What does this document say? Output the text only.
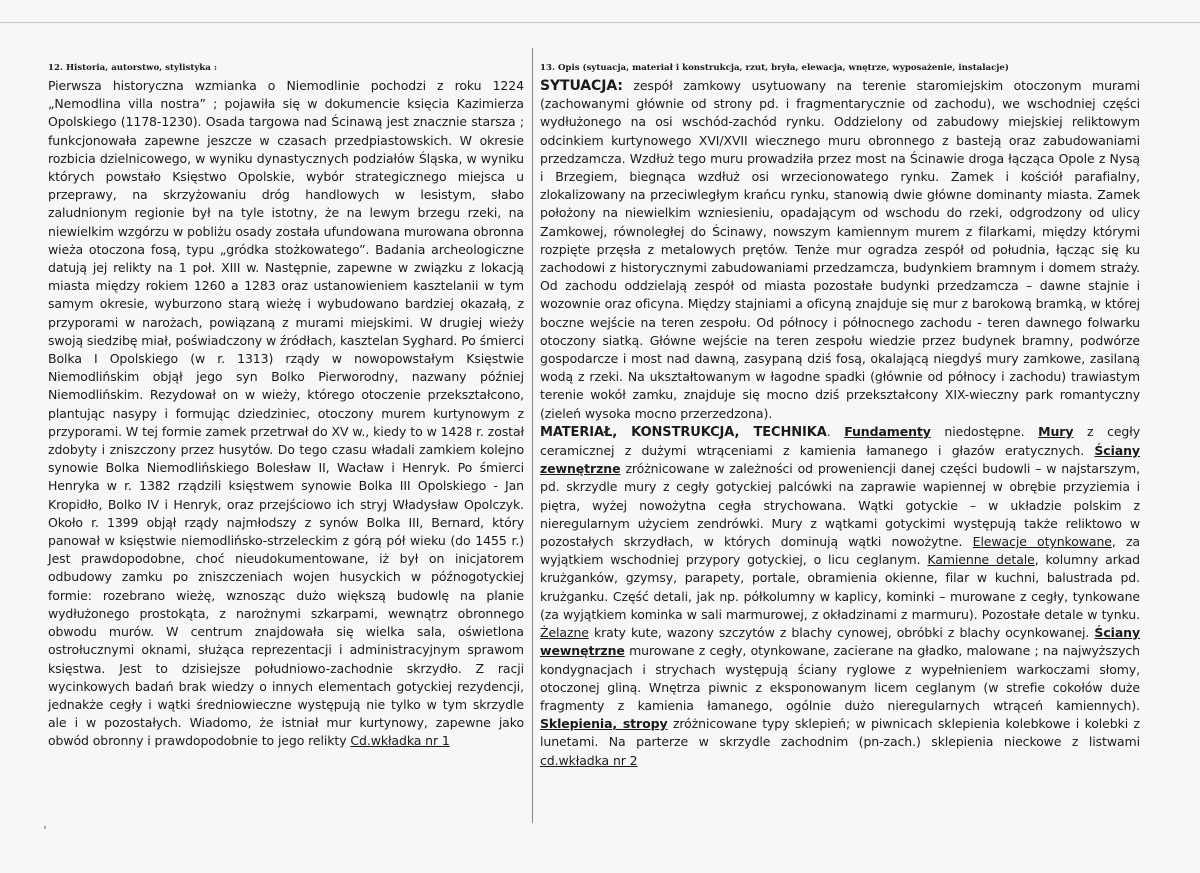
12. Historia, autorstwo, stylistyka :

Pierwsza historyczna wzmianka o Niemodlinie pochodzi z roku 1224 „Nemodlina villa nostra” ; pojawiła się w dokumencie księcia Kazimierza Opolskiego (1178-1230). Osada targowa nad Ścinawą jest znacznie starsza ; funkcjonowała zapewne jeszcze w czasach przedpiastowskich. W okresie rozbicia dzielnicowego, w wyniku dynastycznych podziałów Śląska, w wyniku których powstało Księstwo Opolskie, wybór strategicznego miejsca u przeprawy, na skrzyżowaniu dróg handlowych w lesistym, słabo zaludnionym regionie był na tyle istotny, że na lewym brzegu rzeki, na niewielkim wzgórzu w pobliżu osady została ufundowana murowana obronna wieża otoczona fosą, typu „gródka stożkowatego”. Badania archeologiczne datują jej relikty na 1 poł. XIII w. Następnie, zapewne w związku z lokacją miasta między rokiem 1260 a 1283 oraz ustanowieniem kasztelanii w tym samym okresie, wyburzono starą wieżę i wybudowano bardziej okazałą, z przyporami w narożach, powiązaną z murami miejskimi. W drugiej wieży swoją siedzibę miał, poświadczony w źródłach, kasztelan Syghard. Po śmierci Bolka I Opolskiego (w r. 1313) rządy w nowopowstałym Księstwie Niemodlińskim objął jego syn Bolko Pierworodny, nazwany później Niemodlińskim. Rezydował on w wieży, którego otoczenie przekształcono, plantując nasypy i formując dziedziniec, otoczony murem kurtynowym z przyporami. W tej formie zamek przetrwał do XV w., kiedy to w 1428 r. został zdobyty i zniszczony przez husytów. Do tego czasu władali zamkiem kolejno synowie Bolka Niemodlińskiego Bolesław II, Wacław i Henryk. Po śmierci Henryka w r. 1382 rządzili księstwem synowie Bolka III Opolskiego - Jan Kropidło, Bolko IV i Henryk, oraz przejściowo ich stryj Władysław Opolczyk. Około r. 1399 objął rządy najmłodszy z synów Bolka III, Bernard, który panował w księstwie niemodlińsko-strzeleckim z górą pół wieku (do 1455 r.) Jest prawdopodobne, choć nieudokumentowane, iż był on inicjatorem odbudowy zamku po zniszczeniach wojen husyckich w późnogotyckiej formie: rozebrano wieżę, wznosząc dużo większą budowlę na planie wydłużonego prostokąta, z narożnymi szkarpami, wewnątrz obronnego obwodu murów. W centrum znajdowała się wielka sala, oświetlona ostrołucznymi oknami, służąca reprezentacji i administracyjnym sprawom księstwa. Jest to dzisiejsze południowo-zachodnie skrzydło. Z racji wycinkowych badań brak wiedzy o innych elementach gotyckiej rezydencji, jednakże cegły i wątki średniowieczne występują nie tylko w tym skrzydle ale i w pozostałych. Wiadomo, że istniał mur kurtynowy, zapewne jako obwód obronny i prawdopodobnie to jego relikty Cd.wkładka nr 1

13. Opis (sytuacja, materiał i konstrukcja, rzut, bryła, elewacja, wnętrze, wyposażenie, instalacje)

SYTUACJA: zespół zamkowy usytuowany na terenie staromiejskim otoczonym murami (zachowanymi głównie od strony pd. i fragmentarycznie od zachodu), we wschodniej części wydłużonego na osi wschód-zachód rynku. Oddzielony od zabudowy miejskiej reliktowym odcinkiem kurtynowego XVI/XVII wiecznego muru obronnego z basteją oraz zabudowaniami przedzamcza. Wzdłuż tego muru prowadziła przez most na Ścinawie droga łącząca Opole z Nysą i Brzegiem, biegnąca wzdłuż osi wrzecionowatego rynku. Zamek i kościół parafialny, zlokalizowany na przeciwległym krańcu rynku, stanowią dwie główne dominanty miasta. Zamek położony na niewielkim wzniesieniu, opadającym od wschodu do rzeki, odgrodzony od ulicy Zamkowej, równoległej do Ścinawy, nowszym kamiennym murem z filarkami, między którymi rozpięte przęsła z metalowych prętów. Tenże mur ogradza zespół od południa, łącząc się ku zachodowi z historycznymi zabudowaniami przedzamcza, budynkiem bramnym i domem straży. Od zachodu oddzielają zespół od miasta pozostałe budynki przedzamcza – dawne stajnie i wozownie oraz oficyna. Między stajniami a oficyną znajduje się mur z barokową bramką, w której boczne wejście na teren zespołu. Od północy i północnego zachodu - teren dawnego folwarku otoczony siatką. Główne wejście na teren zespołu wiedzie przez budynek bramny, podwórze gospodarcze i most nad dawną, zasypaną dziś fosą, okalającą niegdyś mury zamkowe, zasilaną wodą z rzeki. Na ukształtowanym w łagodne spadki (głównie od północy i zachodu) trawiastym terenie wokół zamku, znajduje się mocno dziś przekształcony XIX-wieczny park romantyczny (zieleń wysoka mocno przerzedzona).

MATERIAŁ, KONSTRUKCJA, TECHNIKA. Fundamenty niedostępne. Mury z cegły ceramicznej z dużymi wtrąceniami z kamienia łamanego i głazów eratycznych. Ściany zewnętrzne zróżnicowane w zależności od proweniencji danej części budowli – w najstarszym, pd. skrzydle mury z cegły gotyckiej palcówki na zaprawie wapiennej w obrębie przyziemia i piętra, wyżej nowożytna cegła strychowana. Wątki gotyckie – w układzie polskim z nieregularnym użyciem zendrówki. Mury z wątkami gotyckimi występują także reliktowo w pozostałych skrzydłach, w których dominują wątki nowożytne. Elewacje otynkowane, za wyjątkiem wschodniej przypory gotyckiej, o licu ceglanym. Kamienne detale, kolumny arkad krużganków, gzymsy, parapety, portale, obramienia okienne, filar w kuchni, balustrada pd. krużganku. Część detali, jak np. półkolumny w kaplicy, kominki – murowane z cegły, tynkowane (za wyjątkiem kominka w sali marmurowej, z okładzinami z marmuru). Pozostałe detale w tynku. Żelazne kraty kute, wazony szczytów z blachy cynowej, obróbki z blachy ocynkowanej. Ściany wewnętrzne murowane z cegły, otynkowane, zacierane na gładko, malowane ; na najwyższych kondygnacjach i strychach występują ściany ryglowe z wypełnieniem warkoczami słomy, otoczonej gliną. Wnętrza piwnic z eksponowanym licem ceglanym (w strefie cokołów duże fragmenty z kamienia łamanego, ogólnie dużo nieregularnych wtrąceń kamiennych). Sklepienia, stropy zróżnicowane typy sklepień; w piwnicach sklepienia kolebkowe i kolebki z lunetami. Na parterze w skrzydle zachodnim (pn-zach.) sklepienia nieckowe z listwami cd.wkładka nr 2
